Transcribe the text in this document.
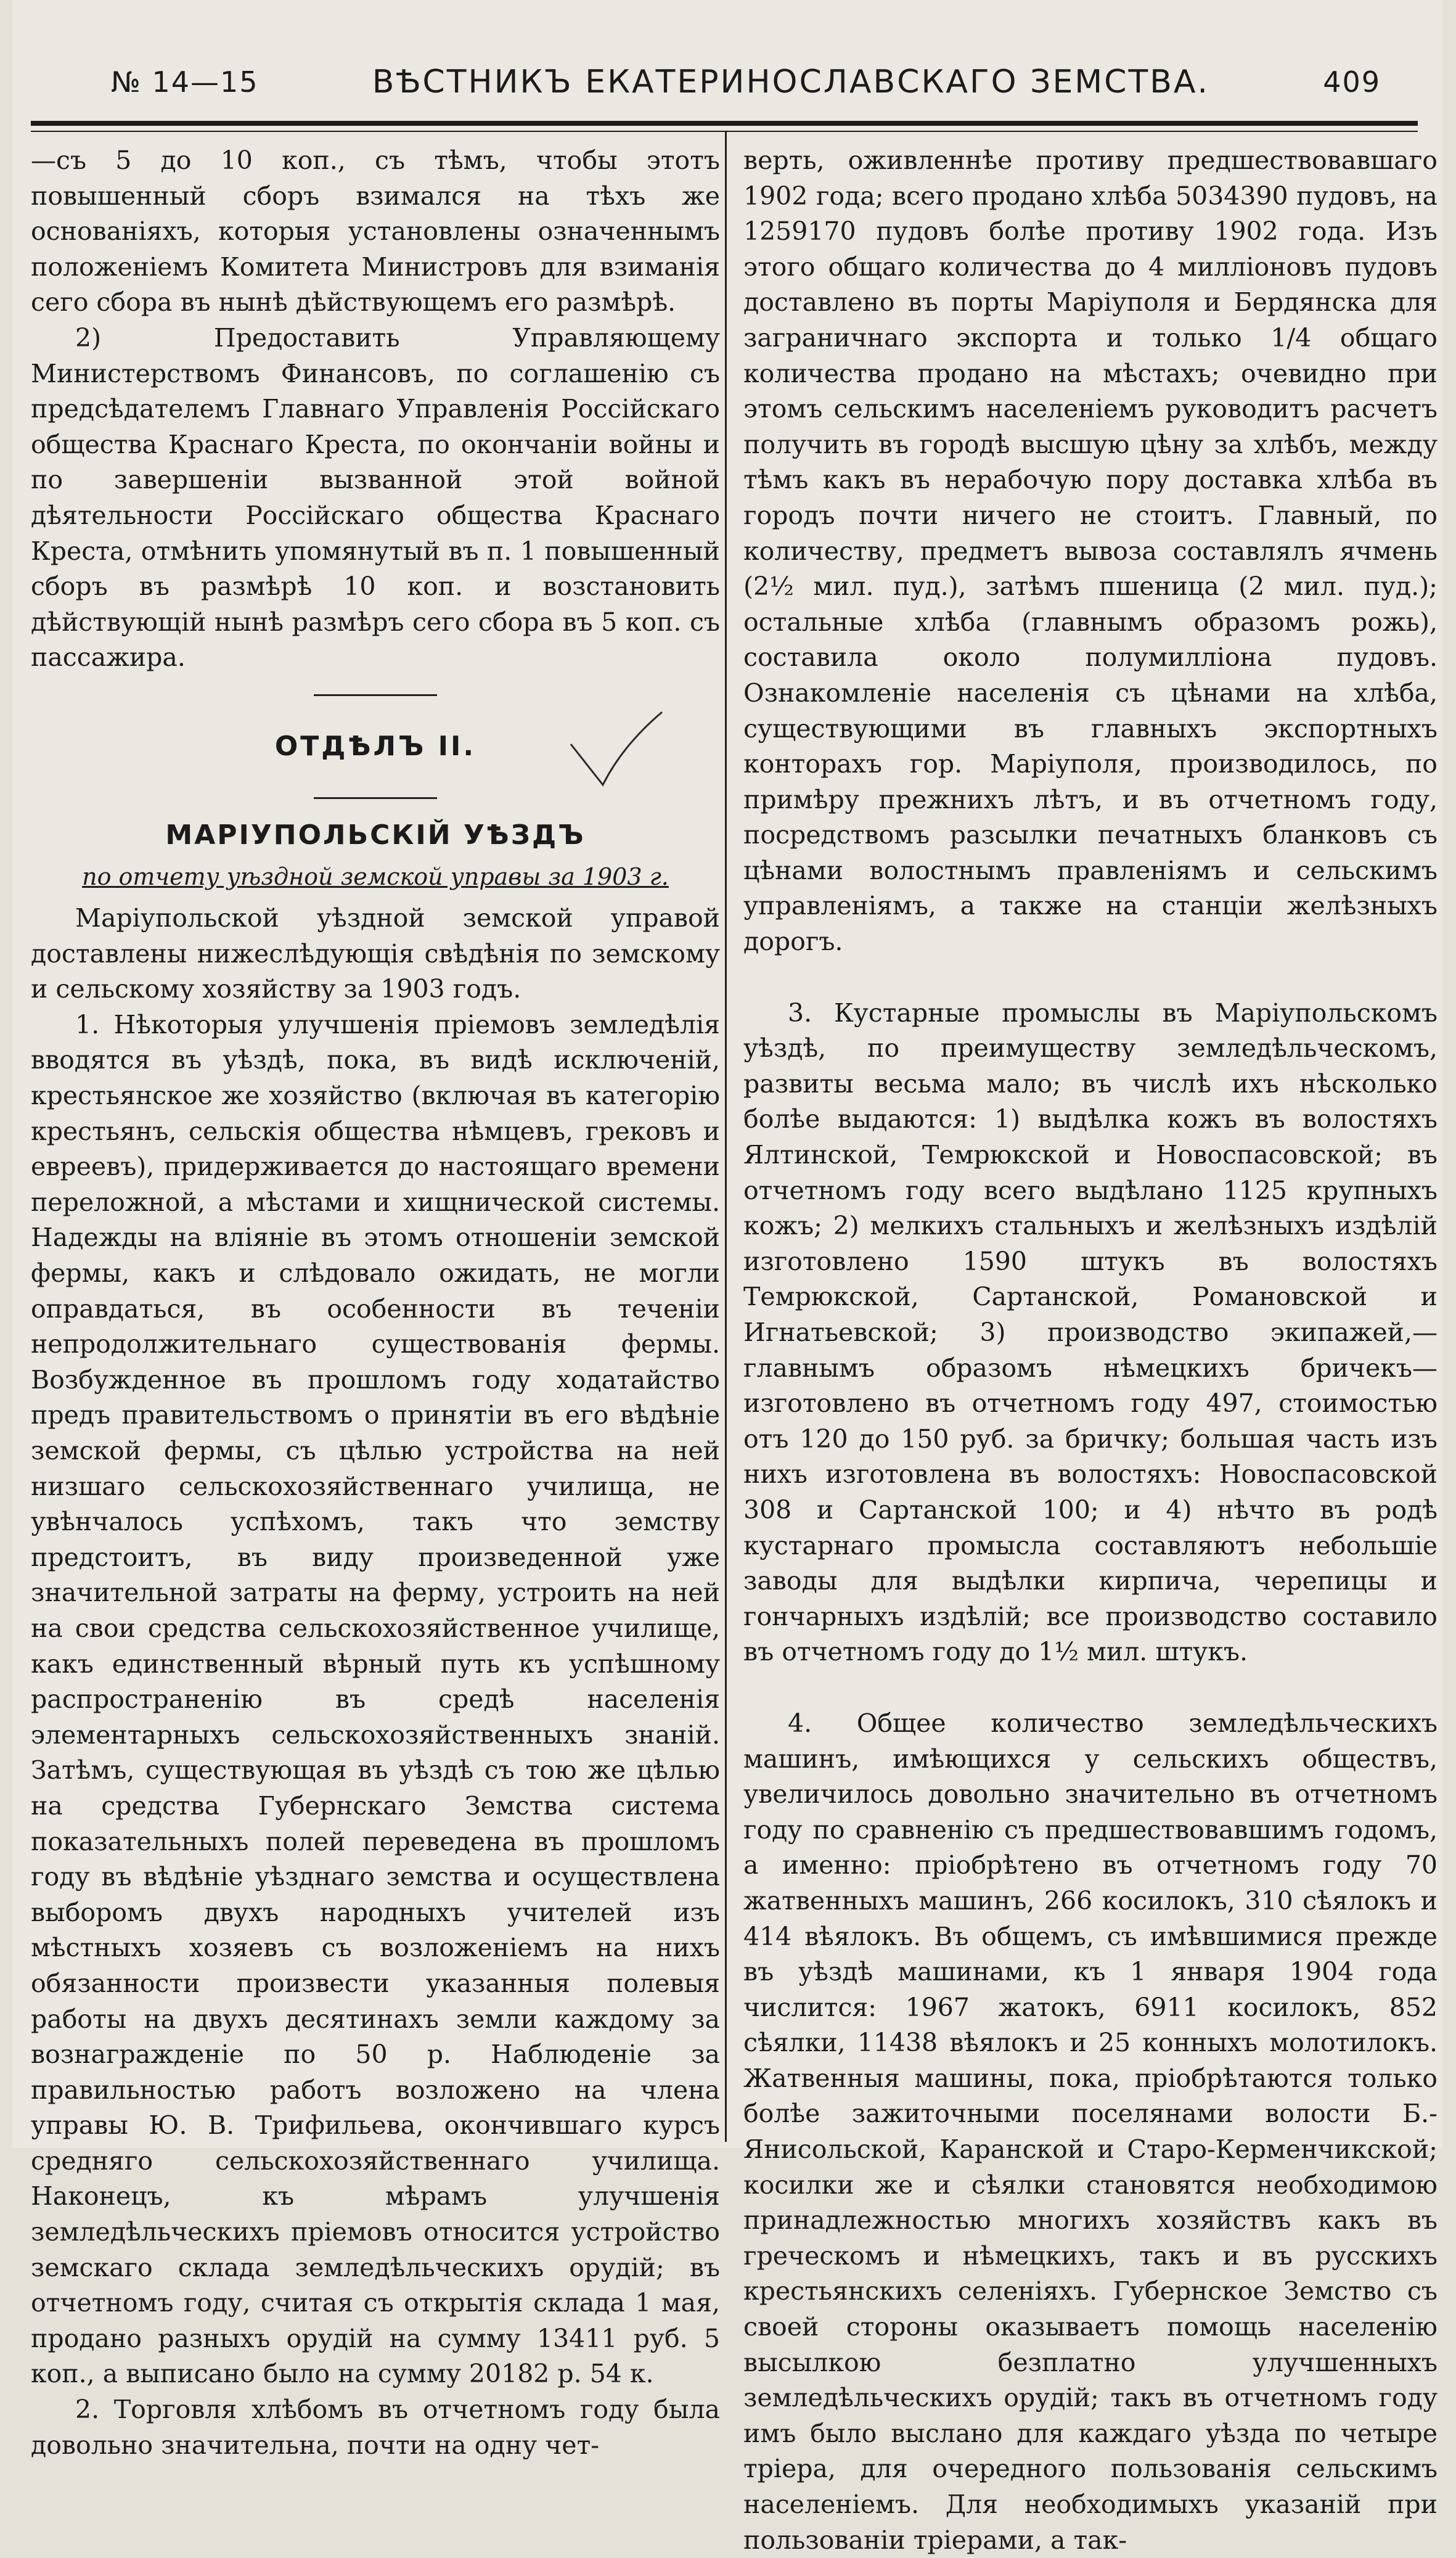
№ 14—15	ВѢСТНИКЪ ЕКАТЕРИНОСЛАВСКАГО ЗЕМСТВА.	409

—съ 5 до 10 коп., съ тѣмъ, чтобы этотъ повышенный сборъ взимался на тѣхъ же основаніяхъ, которыя установлены означеннымъ положеніемъ Комитета Министровъ для взиманія сего сбора въ нынѣ дѣйствующемъ его размѣрѣ.

2) Предоставить Управляющему Министерствомъ Финансовъ, по соглашенію съ предсѣдателемъ Главнаго Управленія Россійскаго общества Краснаго Креста, по окончаніи войны и по завершеніи вызванной этой войной дѣятельности Россійскаго общества Краснаго Креста, отмѣнить упомянутый въ п. 1 повышенный сборъ въ размѣрѣ 10 коп. и возстановить дѣйствующій нынѣ размѣръ сего сбора въ 5 коп. съ пассажира.

ОТДѢЛЪ II.
МАРІУПОЛЬСКІЙ УѢЗДЪ
по отчету уѣздной земской управы за 1903 г.

Маріупольской уѣздной земской управой доставлены нижеслѣдующія свѣдѣнія по земскому и сельскому хозяйству за 1903 годъ.

1. Нѣкоторыя улучшенія пріемовъ земледѣлія вводятся въ уѣздѣ, пока, въ видѣ исключеній, крестьянское же хозяйство (включая въ категорію крестьянъ, сельскія общества нѣмцевъ, грековъ и евреевъ), придерживается до настоящаго времени переложной, а мѣстами и хищнической системы. Надежды на вліяніе въ этомъ отношеніи земской фермы, какъ и слѣдовало ожидать, не могли оправдаться, въ особенности въ теченіи непродолжительнаго существованія фермы. Возбужденное въ прошломъ году ходатайство предъ правительствомъ о принятіи въ его вѣдѣніе земской фермы, съ цѣлью устройства на ней низшаго сельскохозяйственнаго училища, не увѣнчалось успѣхомъ, такъ что земству предстоитъ, въ виду произведенной уже значительной затраты на ферму, устроить на ней на свои средства сельскохозяйственное училище, какъ единственный вѣрный путь къ успѣшному распространенію въ средѣ населенія элементарныхъ сельскохозяйственныхъ знаній. Затѣмъ, существующая въ уѣздѣ съ тою же цѣлью на средства Губернскаго Земства система показательныхъ полей переведена въ прошломъ году въ вѣдѣніе уѣзднаго земства и осуществлена выборомъ двухъ народныхъ учителей изъ мѣстныхъ хозяевъ съ возложеніемъ на нихъ обязанности произвести указанныя полевыя работы на двухъ десятинахъ земли каждому за вознагражденіе по 50 р. Наблюденіе за правильностью работъ возложено на члена управы Ю. В. Трифильева, окончившаго курсъ средняго сельскохозяйственнаго училища. Наконецъ, къ мѣрамъ улучшенія земледѣльческихъ пріемовъ относится устройство земскаго склада земледѣльческихъ орудій; въ отчетномъ году, считая съ открытія склада 1 мая, продано разныхъ орудій на сумму 13411 руб. 5 коп., а выписано было на сумму 20182 р. 54 к.

2. Торговля хлѣбомъ въ отчетномъ году была довольно значительна, почти на одну чет-

верть, оживленнѣе противу предшествовавшаго 1902 года; всего продано хлѣба 5034390 пудовъ, на 1259170 пудовъ болѣе противу 1902 года. Изъ этого общаго количества до 4 милліоновъ пудовъ доставлено въ порты Маріуполя и Бердянска для заграничнаго экспорта и только 1/4 общаго количества продано на мѣстахъ; очевидно при этомъ сельскимъ населеніемъ руководитъ расчетъ получить въ городѣ высшую цѣну за хлѣбъ, между тѣмъ какъ въ нерабочую пору доставка хлѣба въ городъ почти ничего не стоитъ. Главный, по количеству, предметъ вывоза составлялъ ячмень (2½ мил. пуд.), затѣмъ пшеница (2 мил. пуд.); остальные хлѣба (главнымъ образомъ рожь), составила около полумилліона пудовъ. Ознакомленіе населенія съ цѣнами на хлѣба, существующими въ главныхъ экспортныхъ конторахъ гор. Маріуполя, производилось, по примѣру прежнихъ лѣтъ, и въ отчетномъ году, посредствомъ разсылки печатныхъ бланковъ съ цѣнами волостнымъ правленіямъ и сельскимъ управленіямъ, а также на станціи желѣзныхъ дорогъ.

3. Кустарные промыслы въ Маріупольскомъ уѣздѣ, по преимуществу земледѣльческомъ, развиты весьма мало; въ числѣ ихъ нѣсколько болѣе выдаются: 1) выдѣлка кожъ въ волостяхъ Ялтинской, Темрюкской и Новоспасовской; въ отчетномъ году всего выдѣлано 1125 крупныхъ кожъ; 2) мелкихъ стальныхъ и желѣзныхъ издѣлій изготовлено 1590 штукъ въ волостяхъ Темрюкской, Сартанской, Романовской и Игнатьевской; 3) производство экипажей,—главнымъ образомъ нѣмецкихъ бричекъ—изготовлено въ отчетномъ году 497, стоимостью отъ 120 до 150 руб. за бричку; большая часть изъ нихъ изготовлена въ волостяхъ: Новоспасовской 308 и Сартанской 100; и 4) нѣчто въ родѣ кустарнаго промысла составляютъ небольшіе заводы для выдѣлки кирпича, черепицы и гончарныхъ издѣлій; все производство составило въ отчетномъ году до 1½ мил. штукъ.

4. Общее количество земледѣльческихъ машинъ, имѣющихся у сельскихъ обществъ, увеличилось довольно значительно въ отчетномъ году по сравненію съ предшествовавшимъ годомъ, а именно: пріобрѣтено въ отчетномъ году 70 жатвенныхъ машинъ, 266 косилокъ, 310 сѣялокъ и 414 вѣялокъ. Въ общемъ, съ имѣвшимися прежде въ уѣздѣ машинами, къ 1 января 1904 года числится: 1967 жатокъ, 6911 косилокъ, 852 сѣялки, 11438 вѣялокъ и 25 конныхъ молотилокъ. Жатвенныя машины, пока, пріобрѣтаются только болѣе зажиточными поселянами волости Б.-Янисольской, Каранской и Старо-Керменчикской; косилки же и сѣялки становятся необходимою принадлежностью многихъ хозяйствъ какъ въ греческомъ и нѣмецкихъ, такъ и въ русскихъ крестьянскихъ селеніяхъ. Губернское Земство съ своей стороны оказываетъ помощь населенію высылкою безплатно улучшенныхъ земледѣльческихъ орудій; такъ въ отчетномъ году имъ было выслано для каждаго уѣзда по четыре тріера, для очередного пользованія сельскимъ населеніемъ. Для необходимыхъ указаній при пользованіи тріерами, а так-
